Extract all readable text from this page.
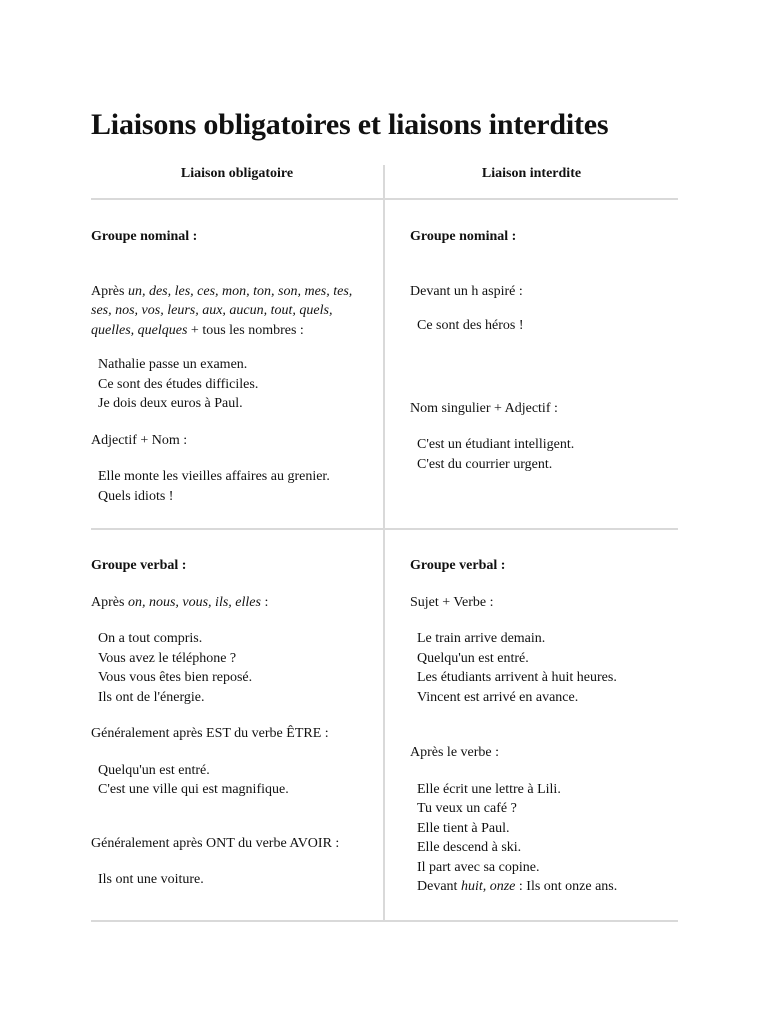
Liaisons obligatoires et liaisons interdites
Liaison obligatoire	Liaison interdite

Groupe nominal :

Après un, des, les, ces, mon, ton, son, mes, tes, ses, nos, vos, leurs, aux, aucun, tout, quels, quelles, quelques + tous les nombres :

Nathalie passe un examen.

Ce sont des études difficiles.

Je dois deux euros à Paul.

Adjectif + Nom :

Elle monte les vieilles affaires au grenier.

Quels idiots !

Groupe nominal :

Devant un h aspiré :

Ce sont des héros !

Nom singulier + Adjectif :

C'est un étudiant intelligent.

C'est du courrier urgent.

Groupe verbal :

Après on, nous, vous, ils, elles :

On a tout compris.

Vous avez le téléphone ?

Vous vous êtes bien reposé.

Ils ont de l'énergie.

Généralement après EST du verbe ÊTRE :

Quelqu'un est entré.

C'est une ville qui est magnifique.

Généralement après ONT du verbe AVOIR :

Ils ont une voiture.

Groupe verbal :

Sujet + Verbe :

Le train arrive demain.

Quelqu'un est entré.

Les étudiants arrivent à huit heures.

Vincent est arrivé en avance.

Après le verbe :

Elle écrit une lettre à Lili.

Tu veux un café ?

Elle tient à Paul.

Elle descend à ski.

Il part avec sa copine.

Devant huit, onze : Ils ont onze ans.
